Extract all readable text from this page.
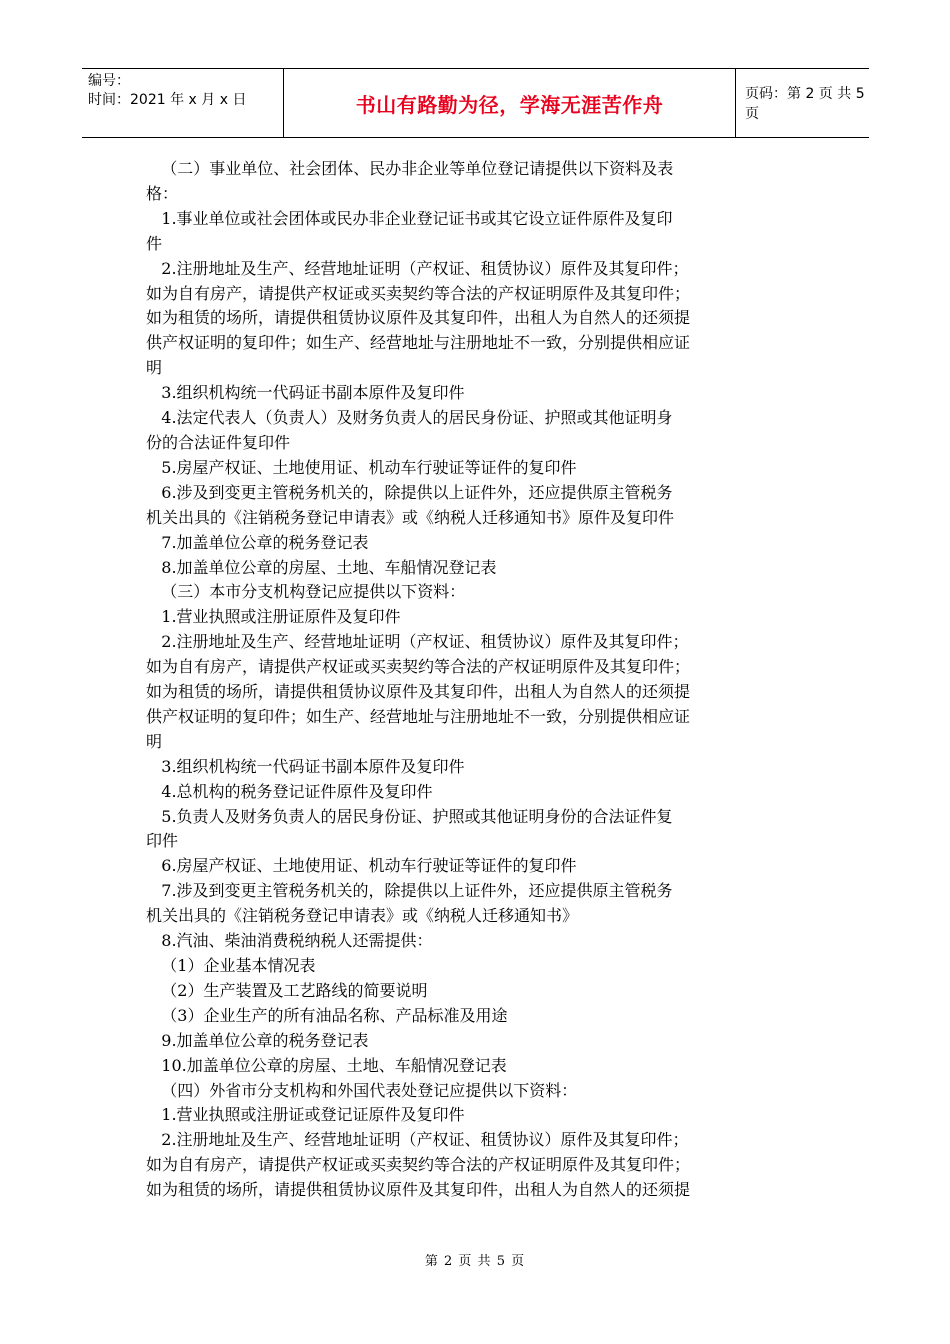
编号：
时间：2021 年 x 月 x 日	书山有路勤为径，学海无涯苦作舟	页码：第 2 页 共 5 页

（二）事业单位、社会团体、民办非企业等单位登记请提供以下资料及表

格：

1.事业单位或社会团体或民办非企业登记证书或其它设立证件原件及复印

件

2.注册地址及生产、经营地址证明（产权证、租赁协议）原件及其复印件；

如为自有房产，请提供产权证或买卖契约等合法的产权证明原件及其复印件；

如为租赁的场所，请提供租赁协议原件及其复印件，出租人为自然人的还须提

供产权证明的复印件；如生产、经营地址与注册地址不一致，分别提供相应证

明

3.组织机构统一代码证书副本原件及复印件

4.法定代表人（负责人）及财务负责人的居民身份证、护照或其他证明身

份的合法证件复印件

5.房屋产权证、土地使用证、机动车行驶证等证件的复印件

6.涉及到变更主管税务机关的，除提供以上证件外，还应提供原主管税务

机关出具的《注销税务登记申请表》或《纳税人迁移通知书》原件及复印件

7.加盖单位公章的税务登记表

8.加盖单位公章的房屋、土地、车船情况登记表

（三）本市分支机构登记应提供以下资料：

1.营业执照或注册证原件及复印件

2.注册地址及生产、经营地址证明（产权证、租赁协议）原件及其复印件；

如为自有房产，请提供产权证或买卖契约等合法的产权证明原件及其复印件；

如为租赁的场所，请提供租赁协议原件及其复印件，出租人为自然人的还须提

供产权证明的复印件；如生产、经营地址与注册地址不一致，分别提供相应证

明

3.组织机构统一代码证书副本原件及复印件

4.总机构的税务登记证件原件及复印件

5.负责人及财务负责人的居民身份证、护照或其他证明身份的合法证件复

印件

6.房屋产权证、土地使用证、机动车行驶证等证件的复印件

7.涉及到变更主管税务机关的，除提供以上证件外，还应提供原主管税务

机关出具的《注销税务登记申请表》或《纳税人迁移通知书》

8.汽油、柴油消费税纳税人还需提供：

（1）企业基本情况表

（2）生产装置及工艺路线的简要说明

（3）企业生产的所有油品名称、产品标准及用途

9.加盖单位公章的税务登记表

10.加盖单位公章的房屋、土地、车船情况登记表

（四）外省市分支机构和外国代表处登记应提供以下资料：

1.营业执照或注册证或登记证原件及复印件

2.注册地址及生产、经营地址证明（产权证、租赁协议）原件及其复印件；

如为自有房产，请提供产权证或买卖契约等合法的产权证明原件及其复印件；

如为租赁的场所，请提供租赁协议原件及其复印件，出租人为自然人的还须提

第 2 页 共 5 页
